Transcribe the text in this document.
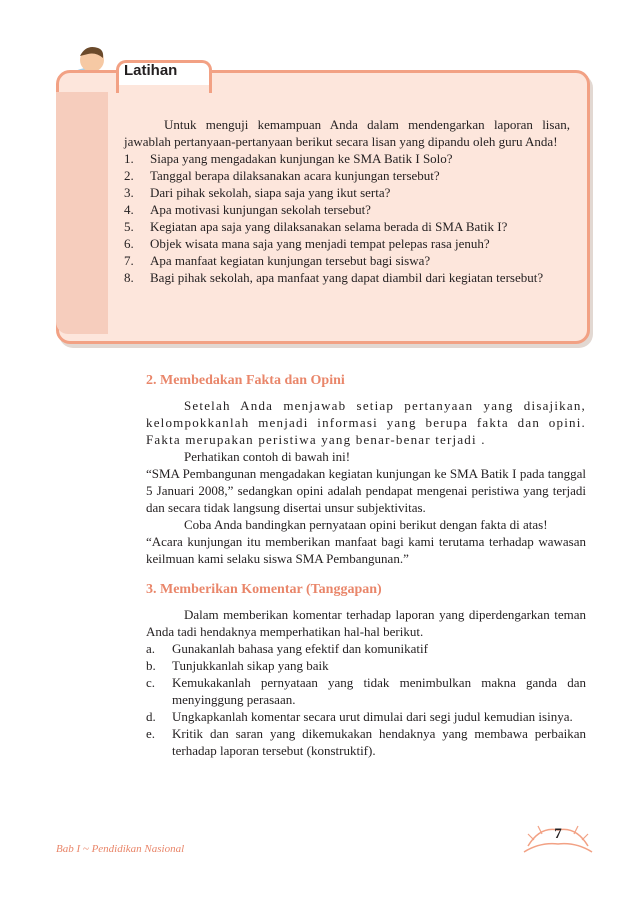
Latihan

Untuk menguji kemampuan Anda dalam mendengarkan laporan lisan, jawablah pertanyaan-pertanyaan berikut secara lisan yang dipandu oleh guru Anda!

1.	Siapa yang mengadakan kunjungan ke SMA Batik I Solo?
2.	Tanggal berapa dilaksanakan acara kunjungan tersebut?
3.	Dari pihak sekolah, siapa saja yang ikut serta?
4.	Apa motivasi kunjungan sekolah tersebut?
5.	Kegiatan apa saja yang dilaksanakan selama berada di SMA Batik I?
6.	Objek wisata mana saja yang menjadi tempat pelepas rasa jenuh?
7.	Apa manfaat kegiatan kunjungan tersebut bagi siswa?
8.	Bagi pihak sekolah, apa manfaat yang dapat diambil dari kegiatan tersebut?
2. Membedakan Fakta dan Opini

Setelah Anda menjawab setiap pertanyaan yang disajikan, kelompokkanlah menjadi informasi yang berupa fakta dan opini. Fakta merupakan peristiwa yang benar-benar terjadi .

Perhatikan contoh di bawah ini!

“SMA Pembangunan mengadakan kegiatan kunjungan ke SMA Batik I pada tanggal 5 Januari 2008,” sedangkan opini adalah pendapat mengenai peristiwa yang terjadi dan secara tidak langsung disertai unsur subjektivitas.

Coba Anda bandingkan pernyataan opini berikut dengan fakta di atas!

“Acara kunjungan itu memberikan manfaat bagi kami terutama terhadap wawasan keilmuan kami selaku siswa SMA Pembangunan.”

3. Memberikan Komentar (Tanggapan)

Dalam memberikan komentar terhadap laporan yang diperdengarkan teman Anda tadi hendaknya memperhatikan hal-hal berikut.

a.	Gunakanlah bahasa yang efektif dan komunikatif
b.	Tunjukkanlah sikap yang baik
c.	Kemukakanlah pernyataan yang tidak menimbulkan makna ganda dan menyinggung perasaan.
d.	Ungkapkanlah komentar secara urut dimulai dari segi judul kemudian isinya.
e.	Kritik dan saran yang dikemukakan hendaknya yang membawa perbaikan terhadap laporan tersebut (konstruktif).
Bab I ~ Pendidikan Nasional
7
